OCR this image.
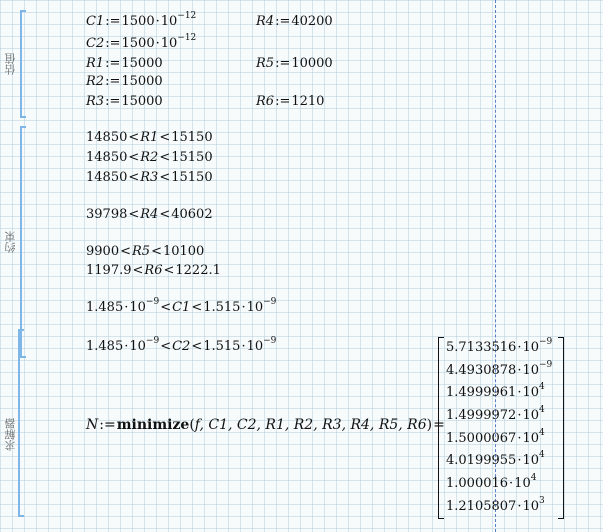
估值
约束
求解器
$C1:=1500\cdot 10^{-12}$	R4:=40200
$C2:=1500\cdot 10^{-12}$
R1:=15000	R5:=10000
R2:=15000
R3:=15000	R6:=1210
14850<R1<15150
14850<R2<15150
14850<R3<15150
39798<R4<40602
9900<R5<10100
1197.9<R6<1222.1
$1.485\cdot 10^{-9}<C1<1.515\cdot 10^{-9}$
$1.485\cdot 10^{-9}<C2<1.515\cdot 10^{-9}$
N:=minimize(f, C1, C2, R1, R2, R3, R4, R5, R6)=
$5.7133516\cdot 10^{-9}$
$4.4930878\cdot 10^{-9}$
$1.4999961\cdot 10^4$
$1.4999972\cdot 10^4$
$1.5000067\cdot 10^4$
$4.0199955\cdot 10^4$
$1.000016\cdot 10^4$
$1.2105807\cdot 10^3$
